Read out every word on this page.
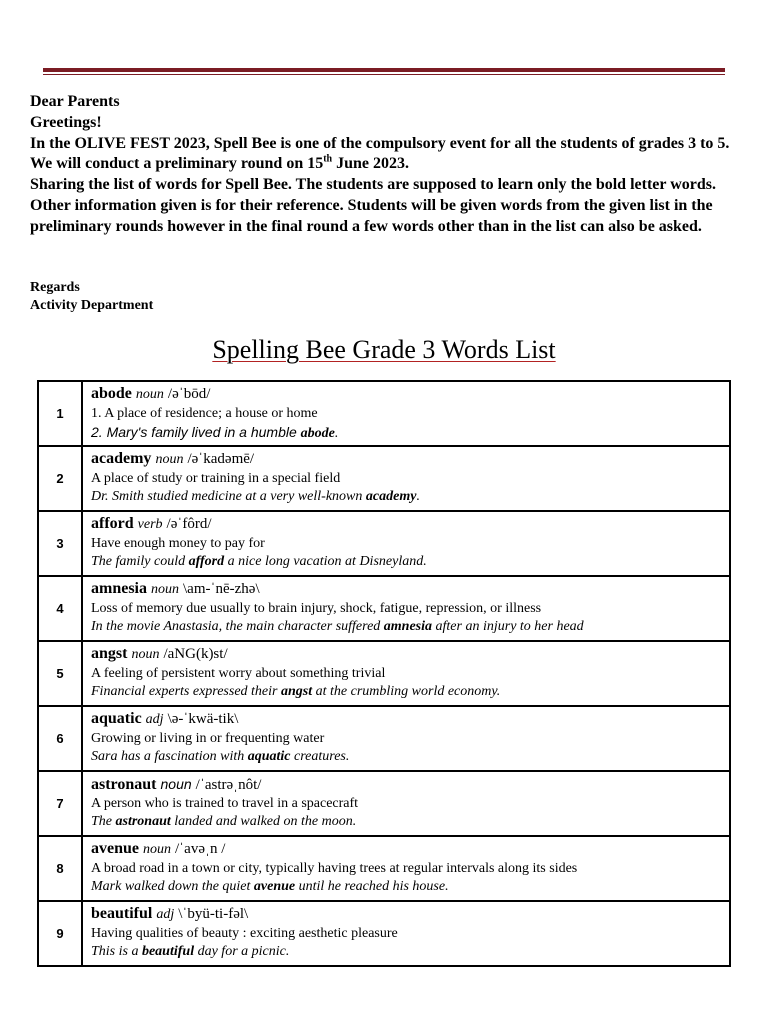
Dear Parents

Greetings!

In the OLIVE FEST 2023, Spell Bee is one of the compulsory event for all the students of grades 3 to 5. We will conduct a preliminary round on 15th June 2023.

Sharing the list of words for Spell Bee. The students are supposed to learn only the bold letter words. Other information given is for their reference. Students will be given words from the given list in the preliminary rounds however in the final round a few words other than in the list can also be asked.

Regards
Activity Department
Spelling Bee Grade 3 Words List
1	abode noun /əˈbōd/
1. A place of residence; a house or home
2. Mary's family lived in a humble abode.

2	academy noun /əˈkadəmē/
A place of study or training in a special field
Dr. Smith studied medicine at a very well-known academy.

3	afford verb /əˈfôrd/
Have enough money to pay for
The family could afford a nice long vacation at Disneyland.

4	amnesia noun \am-ˈnē-zhə\
Loss of memory due usually to brain injury, shock, fatigue, repression, or illness
In the movie Anastasia, the main character suffered amnesia after an injury to her head

5	angst noun /aNG(k)st/
A feeling of persistent worry about something trivial
Financial experts expressed their angst at the crumbling world economy.

6	aquatic adj \ə-ˈkwä-tik\
Growing or living in or frequenting water
Sara has a fascination with aquatic creatures.

7	astronaut noun /ˈastrəˌnôt/
A person who is trained to travel in a spacecraft
The astronaut landed and walked on the moon.

8	avenue noun /ˈavəˌn /
A broad road in a town or city, typically having trees at regular intervals along its sides
Mark walked down the quiet avenue until he reached his house.

9	beautiful adj \ˈbyü-ti-fəl\
Having qualities of beauty : exciting aesthetic pleasure
This is a beautiful day for a picnic.
